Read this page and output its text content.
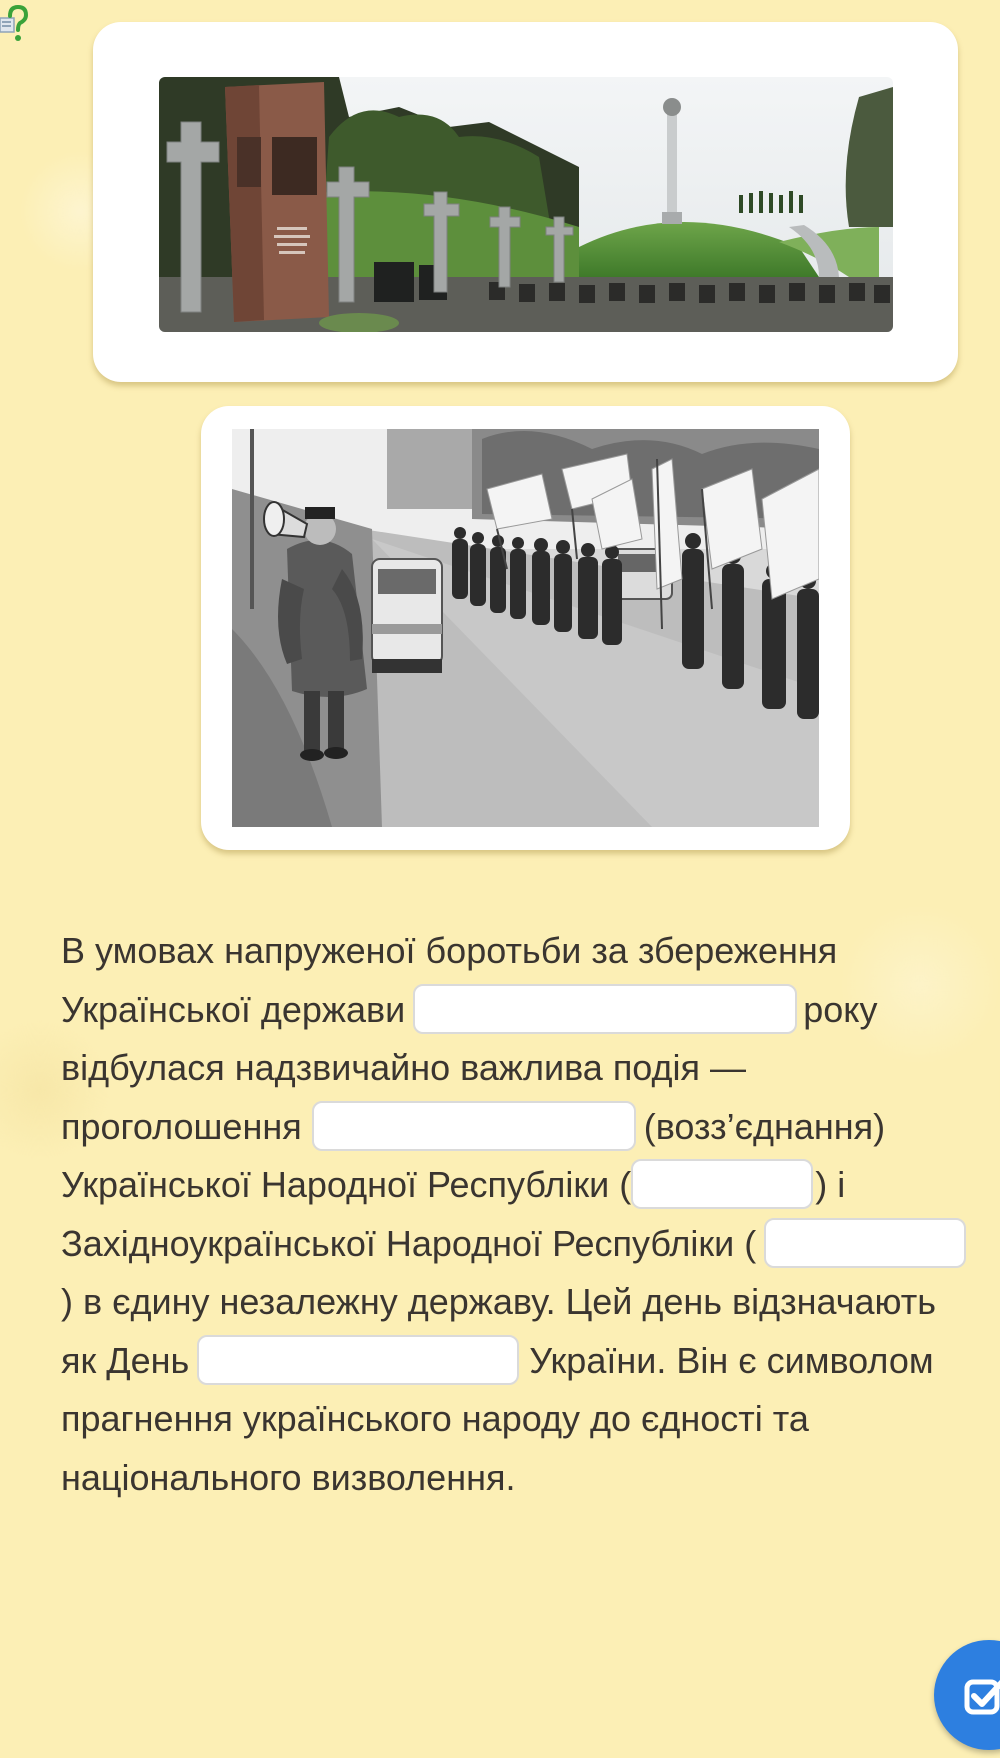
В умовах напруженої боротьби за збереження
Української держави	року
відбулася надзвичайно важлива подія —
проголошення	(возз’єднання)
Української Народної Республіки (	) і
Західноукраїнської Народної Республіки (
) в єдину незалежну державу. Цей день відзначають
як День	України. Він є символом
прагнення українського народу до єдності та
національного визволення.
